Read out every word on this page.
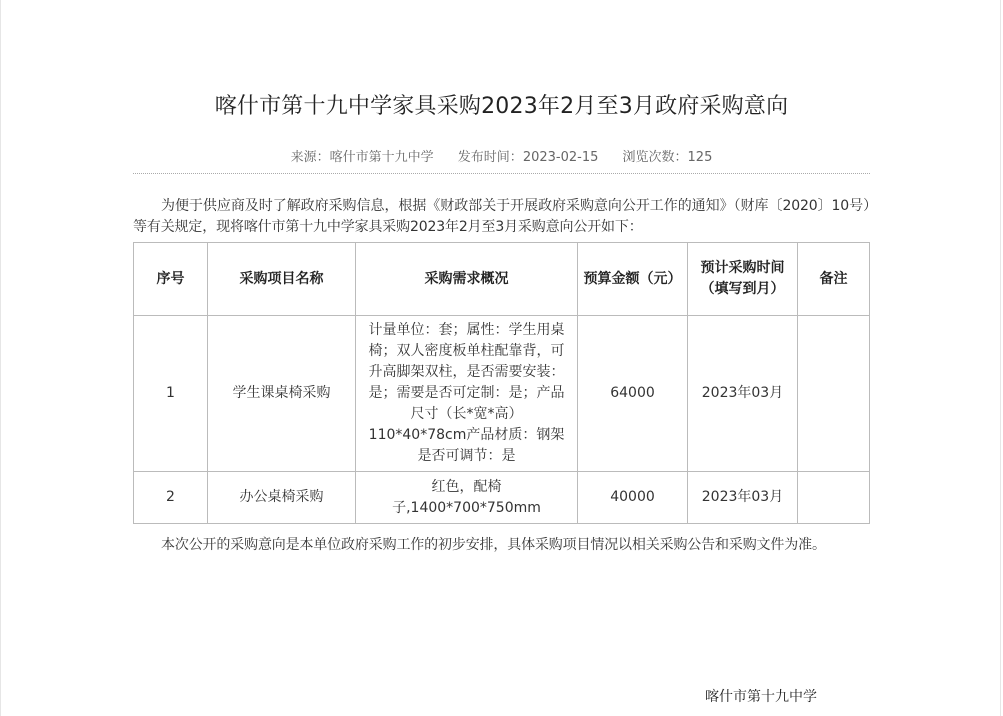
喀什市第十九中学家具采购2023年2月至3月政府采购意向
来源：喀什市第十九中学 发布时间：2023-02-15 浏览次数：125
为便于供应商及时了解政府采购信息，根据《财政部关于开展政府采购意向公开工作的通知》（财库〔2020〕10号）等有关规定，现将喀什市第十九中学家具采购2023年2月至3月采购意向公开如下：
序号	采购项目名称	采购需求概况	预算金额（元）	预计采购时间（填写到月）	备注
1	学生课桌椅采购	计量单位：套；属性：学生用桌椅；双人密度板单柱配靠背，可升高脚架双柱，是否需要安装：是；需要是否可定制：是；产品尺寸（长*宽*高）110*40*78cm产品材质：钢架 是否可调节：是	64000	2023年03月	
2	办公桌椅采购	红色，配椅子,1400*700*750mm	40000	2023年03月	
本次公开的采购意向是本单位政府采购工作的初步安排，具体采购项目情况以相关采购公告和采购文件为准。
喀什市第十九中学
